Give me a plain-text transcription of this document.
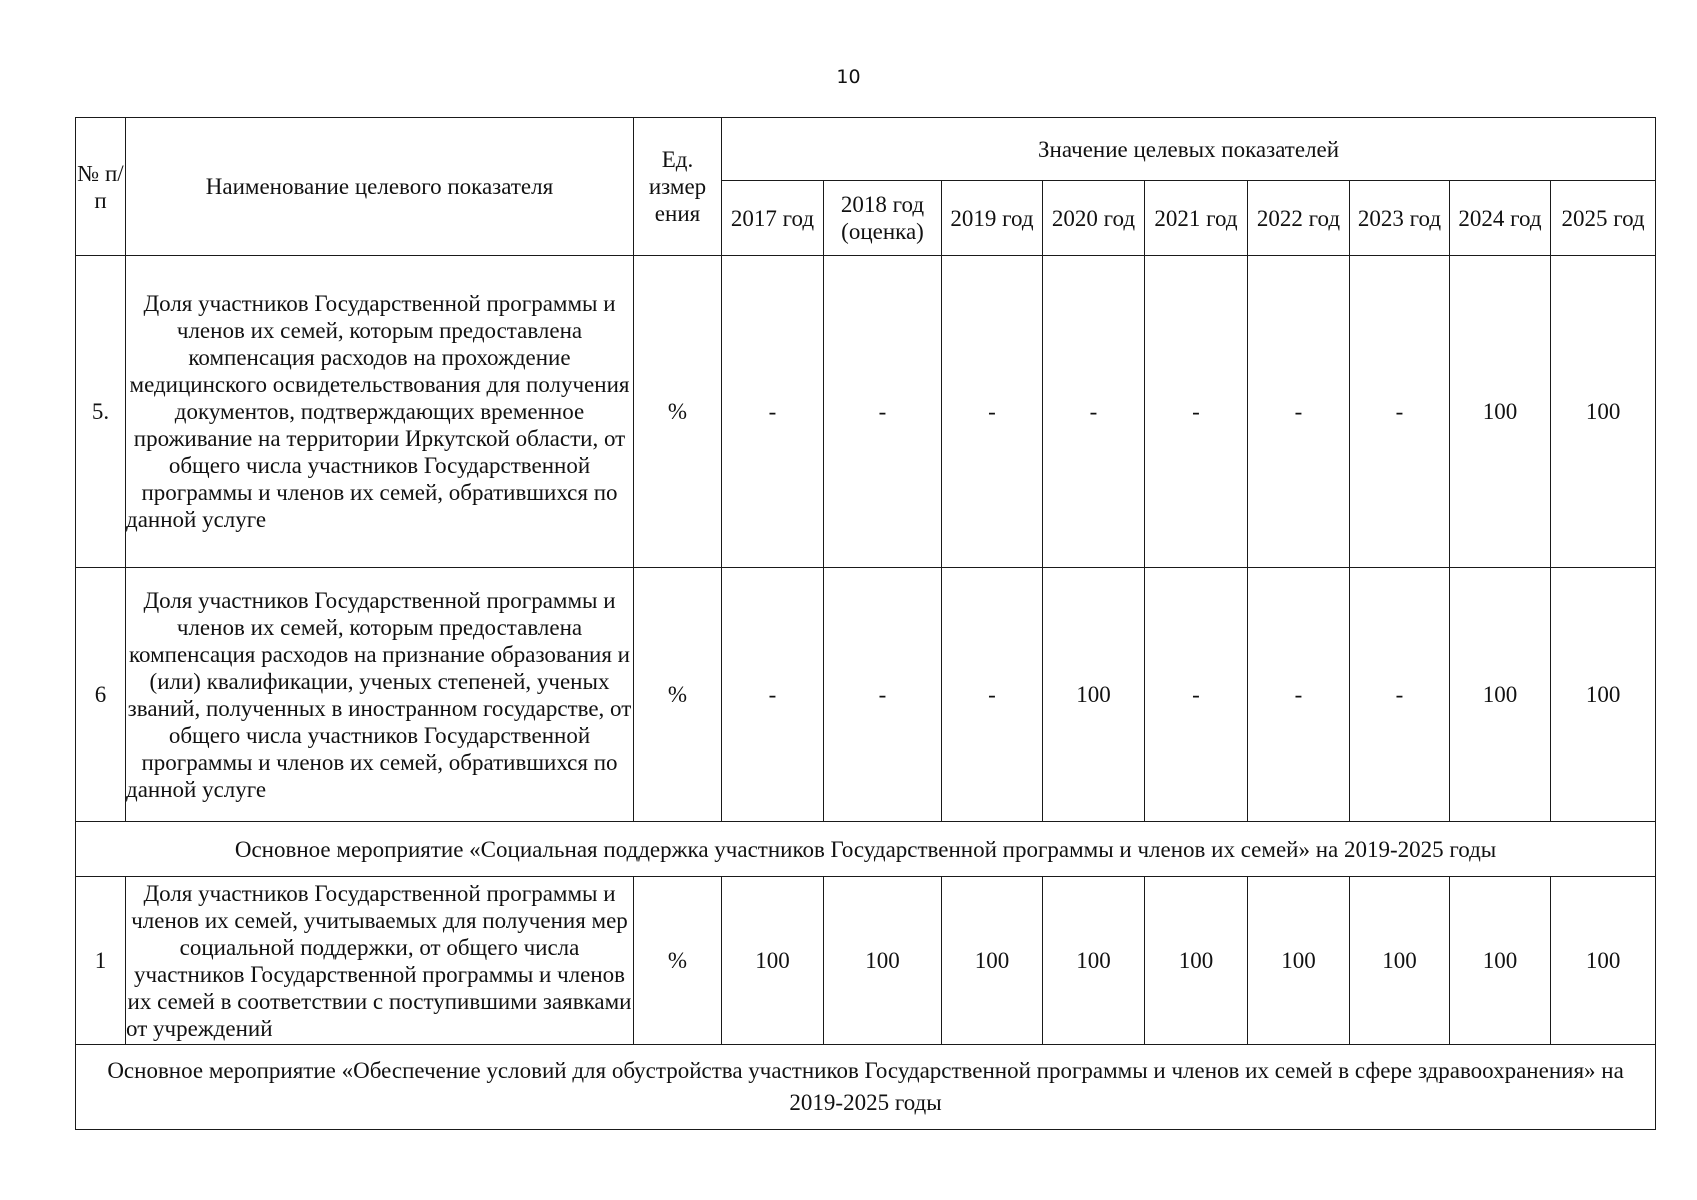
10
№ п/п	Наименование целевого показателя	Ед. измер ения	Значение целевых показателей								
			2017 год	2018 год (оценка)	2019 год	2020 год	2021 год	2022 год	2023 год	2024 год	2025 год
5.	Доля участников Государственной программы и членов их семей, которым предоставлена компенсация расходов на прохождение медицинского освидетельствования для получения документов, подтверждающих временное проживание на территории Иркутской области, от общего числа участников Государственной программы и членов их семей, обратившихся по данной услуге	%	-	-	-	-	-	-	-	100	100
6	Доля участников Государственной программы и членов их семей, которым предоставлена компенсация расходов на признание образования и (или) квалификации, ученых степеней, ученых званий, полученных в иностранном государстве, от общего числа участников Государственной программы и членов их семей, обратившихся по данной услуге	%	-	-	-	100	-	-	-	100	100
Основное мероприятие «Социальная поддержка участников Государственной программы и членов их семей» на 2019-2025 годы											
1	Доля участников Государственной программы и членов их семей, учитываемых для получения мер социальной поддержки, от общего числа участников Государственной программы и членов их семей в соответствии с поступившими заявками от учреждений	%	100	100	100	100	100	100	100	100	100
Основное мероприятие «Обеспечение условий для обустройства участников Государственной программы и членов их семей в сфере здравоохранения» на 2019-2025 годы											
